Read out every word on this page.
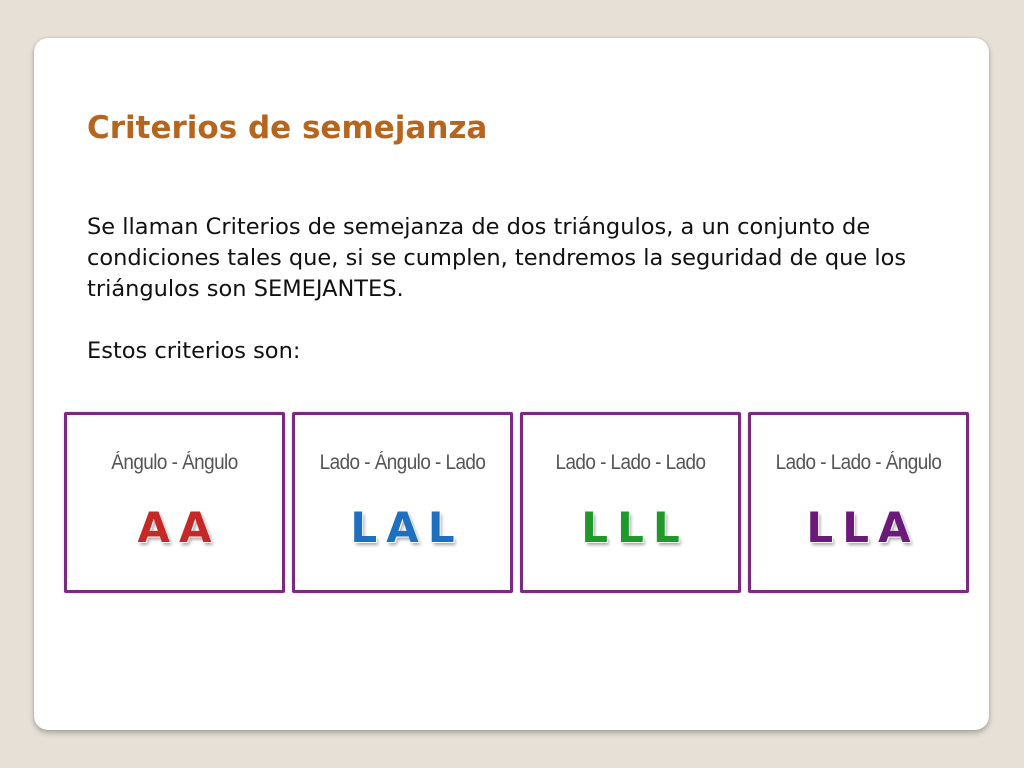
Criterios de semejanza

Se llaman Criterios de semejanza de dos triángulos, a un conjunto de condiciones tales que, si se cumplen, tendremos la seguridad de que los triángulos son SEMEJANTES.

Estos criterios son:

Ángulo - Ángulo
A A
Lado - Ángulo - Lado
L A L
Lado - Lado - Lado
L L L
Lado - Lado - Ángulo
L L A
